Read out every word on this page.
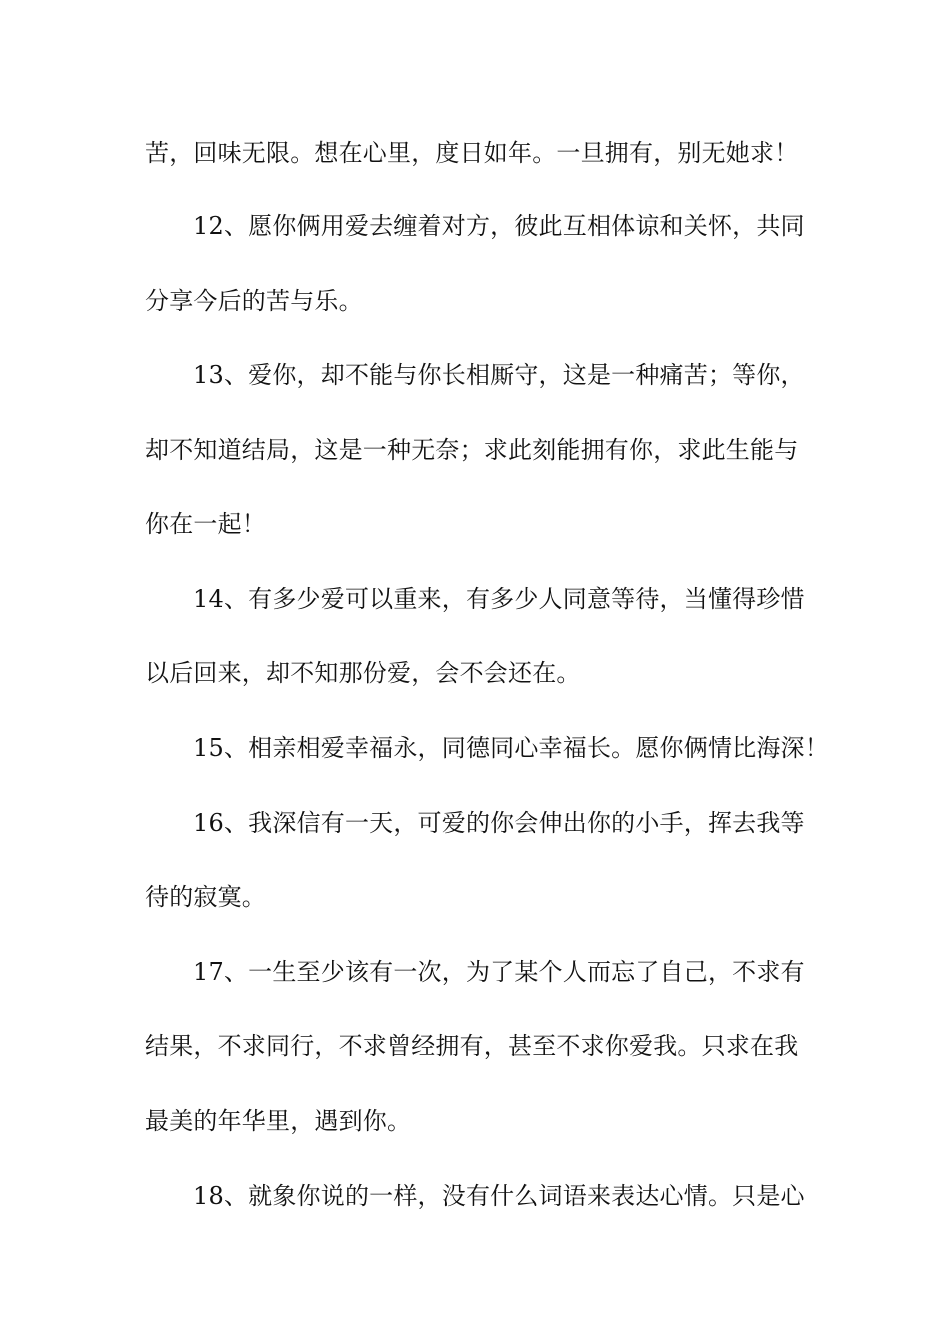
苦，回味无限。想在心里，度日如年。一旦拥有，别无她求！
12、愿你俩用爱去缠着对方，彼此互相体谅和关怀，共同
分享今后的苦与乐。
13、爱你，却不能与你长相厮守，这是一种痛苦；等你，
却不知道结局，这是一种无奈；求此刻能拥有你，求此生能与
你在一起！
14、有多少爱可以重来，有多少人同意等待，当懂得珍惜
以后回来，却不知那份爱，会不会还在。
15、相亲相爱幸福永，同德同心幸福长。愿你俩情比海深！
16、我深信有一天，可爱的你会伸出你的小手，挥去我等
待的寂寞。
17、一生至少该有一次，为了某个人而忘了自己，不求有
结果，不求同行，不求曾经拥有，甚至不求你爱我。只求在我
最美的年华里，遇到你。
18、就象你说的一样，没有什么词语来表达心情。只是心
